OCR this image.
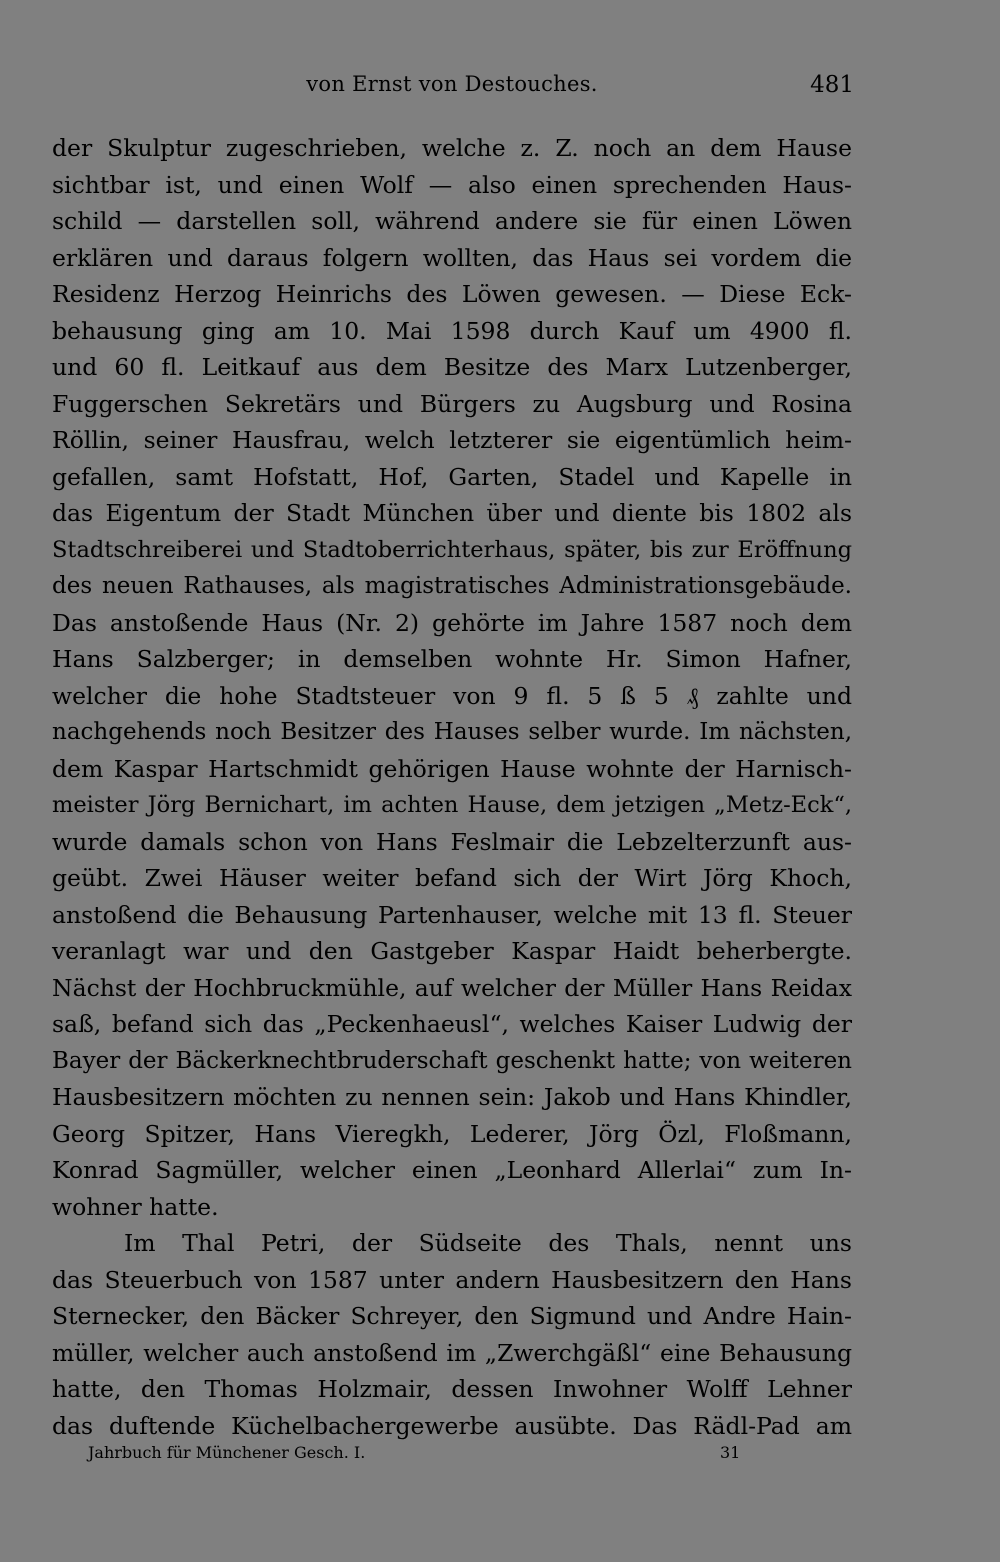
von Ernst von Destouches.	481
der Skulptur zugeschrieben, welche z. Z. noch an dem Hause
sichtbar ist, und einen Wolf — also einen sprechenden Haus-
schild — darstellen soll, während andere sie für einen Löwen
erklären und daraus folgern wollten, das Haus sei vordem die
Residenz Herzog Heinrichs des Löwen gewesen. — Diese Eck-
behausung ging am 10. Mai 1598 durch Kauf um 4900 fl.
und 60 fl. Leitkauf aus dem Besitze des Marx Lutzenberger,
Fuggerschen Sekretärs und Bürgers zu Augsburg und Rosina
Röllin, seiner Hausfrau, welch letzterer sie eigentümlich heim-
gefallen, samt Hofstatt, Hof, Garten, Stadel und Kapelle in
das Eigentum der Stadt München über und diente bis 1802 als
Stadtschreiberei und Stadtoberrichterhaus, später, bis zur Eröffnung
des neuen Rathauses, als magistratisches Administrationsgebäude.
Das anstoßende Haus (Nr. 2) gehörte im Jahre 1587 noch dem
Hans Salzberger; in demselben wohnte Hr. Simon Hafner,
welcher die hohe Stadtsteuer von 9 fl. 5 ß 5 ₰ zahlte und
nachgehends noch Besitzer des Hauses selber wurde. Im nächsten,
dem Kaspar Hartschmidt gehörigen Hause wohnte der Harnisch-
meister Jörg Bernichart, im achten Hause, dem jetzigen „Metz-Eck“,
wurde damals schon von Hans Feslmair die Lebzelterzunft aus-
geübt. Zwei Häuser weiter befand sich der Wirt Jörg Khoch,
anstoßend die Behausung Partenhauser, welche mit 13 fl. Steuer
veranlagt war und den Gastgeber Kaspar Haidt beherbergte.
Nächst der Hochbruckmühle, auf welcher der Müller Hans Reidax
saß, befand sich das „Peckenhaeusl“, welches Kaiser Ludwig der
Bayer der Bäckerknechtbruderschaft geschenkt hatte; von weiteren
Hausbesitzern möchten zu nennen sein: Jakob und Hans Khindler,
Georg Spitzer, Hans Vieregkh, Lederer, Jörg Özl, Floßmann,
Konrad Sagmüller, welcher einen „Leonhard Allerlai“ zum In-
wohner hatte.
Im Thal Petri, der Südseite des Thals, nennt uns
das Steuerbuch von 1587 unter andern Hausbesitzern den Hans
Sternecker, den Bäcker Schreyer, den Sigmund und Andre Hain-
müller, welcher auch anstoßend im „Zwerchgäßl“ eine Behausung
hatte, den Thomas Holzmair, dessen Inwohner Wolff Lehner
das duftende Küchelbachergewerbe ausübte. Das Rädl-Pad am
Jahrbuch für Münchener Gesch. I.	31
